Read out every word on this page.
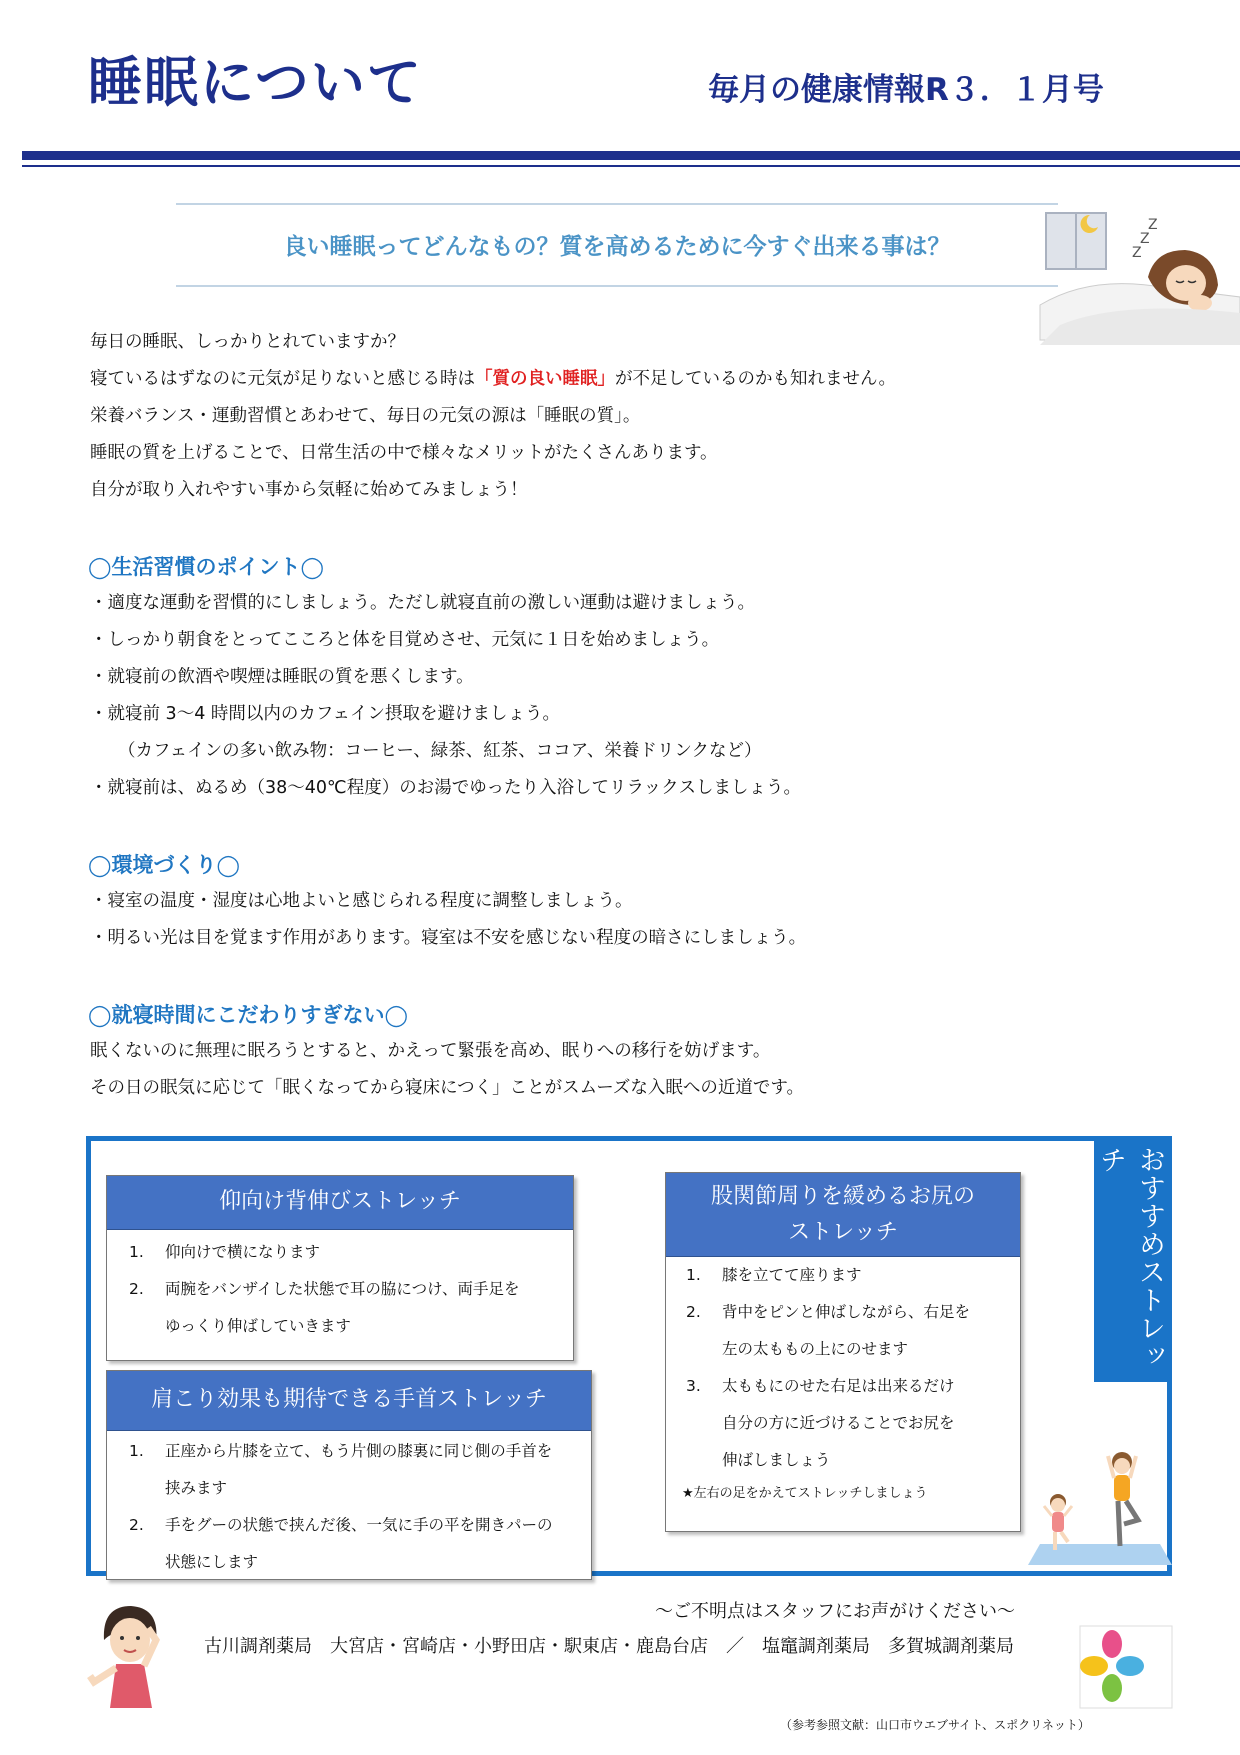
睡眠について	毎月の健康情報R３．１月号
良い睡眠ってどんなもの？質を高めるために今すぐ出来る事は？
Z
Z
Z
毎日の睡眠、しっかりとれていますか？
寝ているはずなのに元気が足りないと感じる時は「質の良い睡眠」が不足しているのかも知れません。
栄養バランス・運動習慣とあわせて、毎日の元気の源は「睡眠の質」。
睡眠の質を上げることで、日常生活の中で様々なメリットがたくさんあります。
自分が取り入れやすい事から気軽に始めてみましょう！
◯生活習慣のポイント◯
・適度な運動を習慣的にしましょう。ただし就寝直前の激しい運動は避けましょう。
・しっかり朝食をとってこころと体を目覚めさせ、元気に１日を始めましょう。
・就寝前の飲酒や喫煙は睡眠の質を悪くします。
・就寝前 3～4 時間以内のカフェイン摂取を避けましょう。
（カフェインの多い飲み物：コーヒー、緑茶、紅茶、ココア、栄養ドリンクなど）
・就寝前は、ぬるめ（38～40℃程度）のお湯でゆったり入浴してリラックスしましょう。
◯環境づくり◯
・寝室の温度・湿度は心地よいと感じられる程度に調整しましょう。
・明るい光は目を覚ます作用があります。寝室は不安を感じない程度の暗さにしましょう。
◯就寝時間にこだわりすぎない◯
眠くないのに無理に眠ろうとすると、かえって緊張を高め、眠りへの移行を妨げます。
その日の眠気に応じて「眠くなってから寝床につく」ことがスムーズな入眠への近道です。
おすすめストレッチ
仰向け背伸びストレッチ
1. 仰向けで横になります
2. 両腕をバンザイした状態で耳の脇につけ、両手足を
ゆっくり伸ばしていきます
肩こり効果も期待できる手首ストレッチ
1. 正座から片膝を立て、もう片側の膝裏に同じ側の手首を
挟みます
2. 手をグーの状態で挟んだ後、一気に手の平を開きパーの
状態にします
股関節周りを緩めるお尻の
ストレッチ
1. 膝を立てて座ります
2. 背中をピンと伸ばしながら、右足を
左の太ももの上にのせます
3. 太ももにのせた右足は出来るだけ
自分の方に近づけることでお尻を
伸ばしましょう
★左右の足をかえてストレッチしましょう
～ご不明点はスタッフにお声がけください～
古川調剤薬局　大宮店・宮崎店・小野田店・駅東店・鹿島台店　／　塩竈調剤薬局　多賀城調剤薬局
（参考参照文献：山口市ウエブサイト、スポクリネット）
